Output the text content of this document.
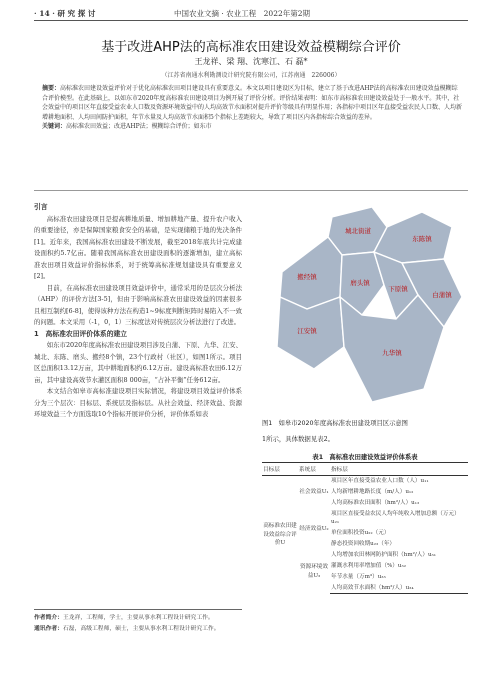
· 14 · 研 究 探 讨	中国农业文摘 · 农业工程　2022年第2期
基于改进AHP法的高标准农田建设效益模糊综合评价
王龙祥、梁 翔、沈寒江、石 磊*
（江苏省南通水利勘测设计研究院有限公司，江苏南通　226006）
摘要：高标准农田建设效益评价对于优化高标准农田项目建设具有重要意义。本文以项目建设区为目标，建立了基于改进AHP法的高标准农田建设效益模糊综合评价模型。在此基础上，以如东市2020年度高标准农田建设项目为例开展了评价分析。评价结果表明：如东市高标准农田建设效益处于一般水平。其中，社会效益中的项目区年直接受益农业人口数及资源环境效益中的人均高效节水面积对提升评价等级具有明显作用；各指标中项目区年直接受益农民人口数、人均新增耕地面积、人均田间防护面积，年节水量及人均高效节水面积5个指标上差距较大，导致了项目区内各指标综合效益的差异。
关键词：高标准农田效益；改进AHP法；模糊综合评价；如东市

引言

高标准农田建设项目是提高耕地质量、增加耕地产量、提升农户收入的重要途径，亦是保障国家粮食安全的基础，是实现储粮于地的先决条件[1]。近年来，我国高标准农田建设不断发展，截至2018年底共计完成建设面积约5.7亿亩。随着我国高标准农田建设面积的逐渐增加，建立高标准农田项目效益评价指标体系，对于统筹高标准规划建设具有重要意义[2]。

目前，在高标准农田建设项目效益评价中，通常采用的是层次分析法（AHP）的评价方法[3-5]，但由于影响高标准农田建设效益的因素很多且相互制约[6-8]，使得该种方法在构造1~9标度判断矩阵时易陷入不一致的问题。本文采用（-1，0，1）三标度法对传统层次分析法进行了改进。

1　高标准农田评价体系的建立

如东市2020年度高标准农田建设项目涉及自蒲、下原、九华、江安、城北、东陈、磨头、搬经8个镇，23个行政村（社区），如图1所示。项目区总面积13.12万亩，其中耕地面积约6.12万亩。建设高标准农田6.12万亩，其中建设高效节水灌区面积8 000亩，“占补平衡”任务612亩。

本文结合如皋市高标准建设项目实际情况，将建设项目效益评价体系分为三个层次：目标层、系统层及指标层。从社会效益、经济效益、资源环境效益三个方面选取10个指标开展评价分析，评价体系如表

作者简介：王龙祥，工程师，学士，主要从事水利工程设计研究工作。
通讯作者：石磊，高级工程师，硕士，主要从事水利工程设计研究工作。
城北街道
东陈镇
搬经镇
磨头镇
下原镇
白蒲镇
江安镇
九华镇
图1　如皋市2020年度高标准农田建设项目区示意图
1所示，具体数据见表2。
表1　高标准农田建设效益评价体系表
目标层	系统层	指标层
高标准农田建设效益综合评价U	社会效益U₁	项目区年直接受益农业人口数（人）u₁₁
		人均新增耕地路长度（m/人）u₁₂
		人均高标准农田面积（hm²/人）u₁₃
	经济效益U₂	项目区直接受益农民人均年纯收入增加总额（万元）u₂₁
		单位面积投资u₂₂（元）
		静态投资回收期u₂₃（年）
	资源环境效益U₃	人均增加农田林网防护面积（hm²/人）u₃₁
		灌溉水利用率增加值（%）u₃₂
		年节水量（万m³）u₃₃
		人均高效节水面积（hm²/人）u₃₄
